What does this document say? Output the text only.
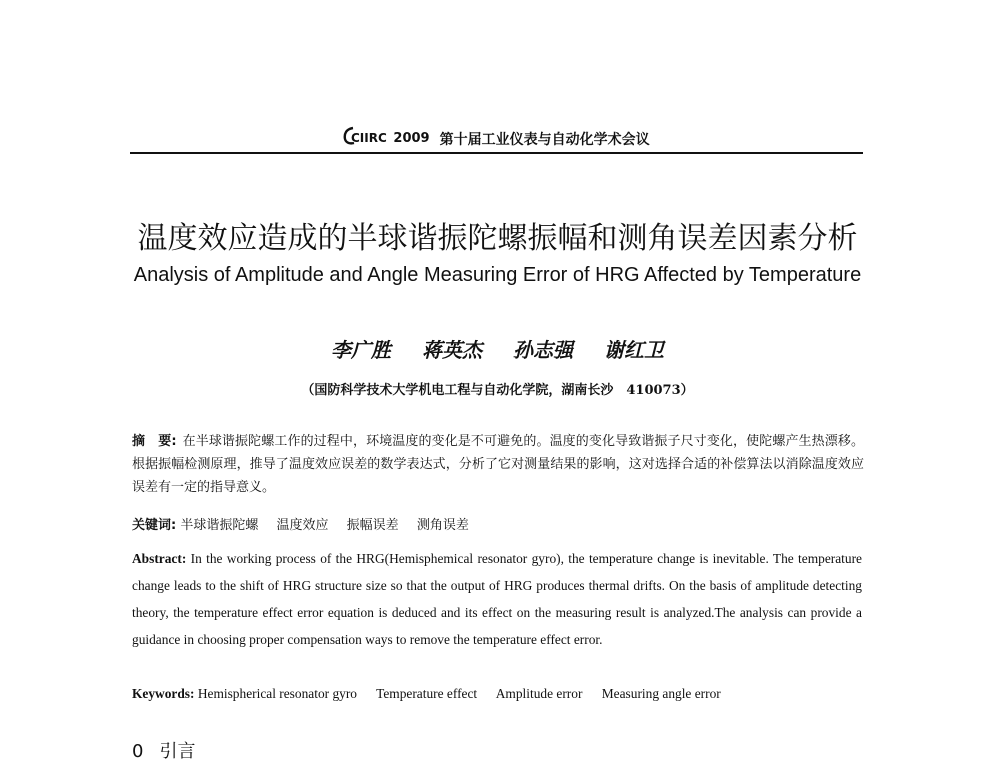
CIIRC 2009 第十届工业仪表与自动化学术会议
温度效应造成的半球谐振陀螺振幅和测角误差因素分析
Analysis of Amplitude and Angle Measuring Error of HRG Affected by Temperature
李广胜 蒋英杰 孙志强 谢红卫
（国防科学技术大学机电工程与自动化学院，湖南长沙　410073）
摘　要: 在半球谐振陀螺工作的过程中，环境温度的变化是不可避免的。温度的变化导致谐振子尺寸变化，使陀螺产生热漂移。根据振幅检测原理，推导了温度效应误差的数学表达式，分析了它对测量结果的影响，这对选择合适的补偿算法以消除温度效应误差有一定的指导意义。
关键词: 半球谐振陀螺 温度效应 振幅误差 测角误差
Abstract: In the working process of the HRG(Hemisphemical resonator gyro), the temperature change is inevitable. The temperature change leads to the shift of HRG structure size so that the output of HRG produces thermal drifts. On the basis of amplitude detecting theory, the temperature effect error equation is deduced and its effect on the measuring result is analyzed.The analysis can provide a guidance in choosing proper compensation ways to remove the temperature effect error.
Keywords: Hemispherical resonator gyro Temperature effect Amplitude error Measuring angle error
0 引言
